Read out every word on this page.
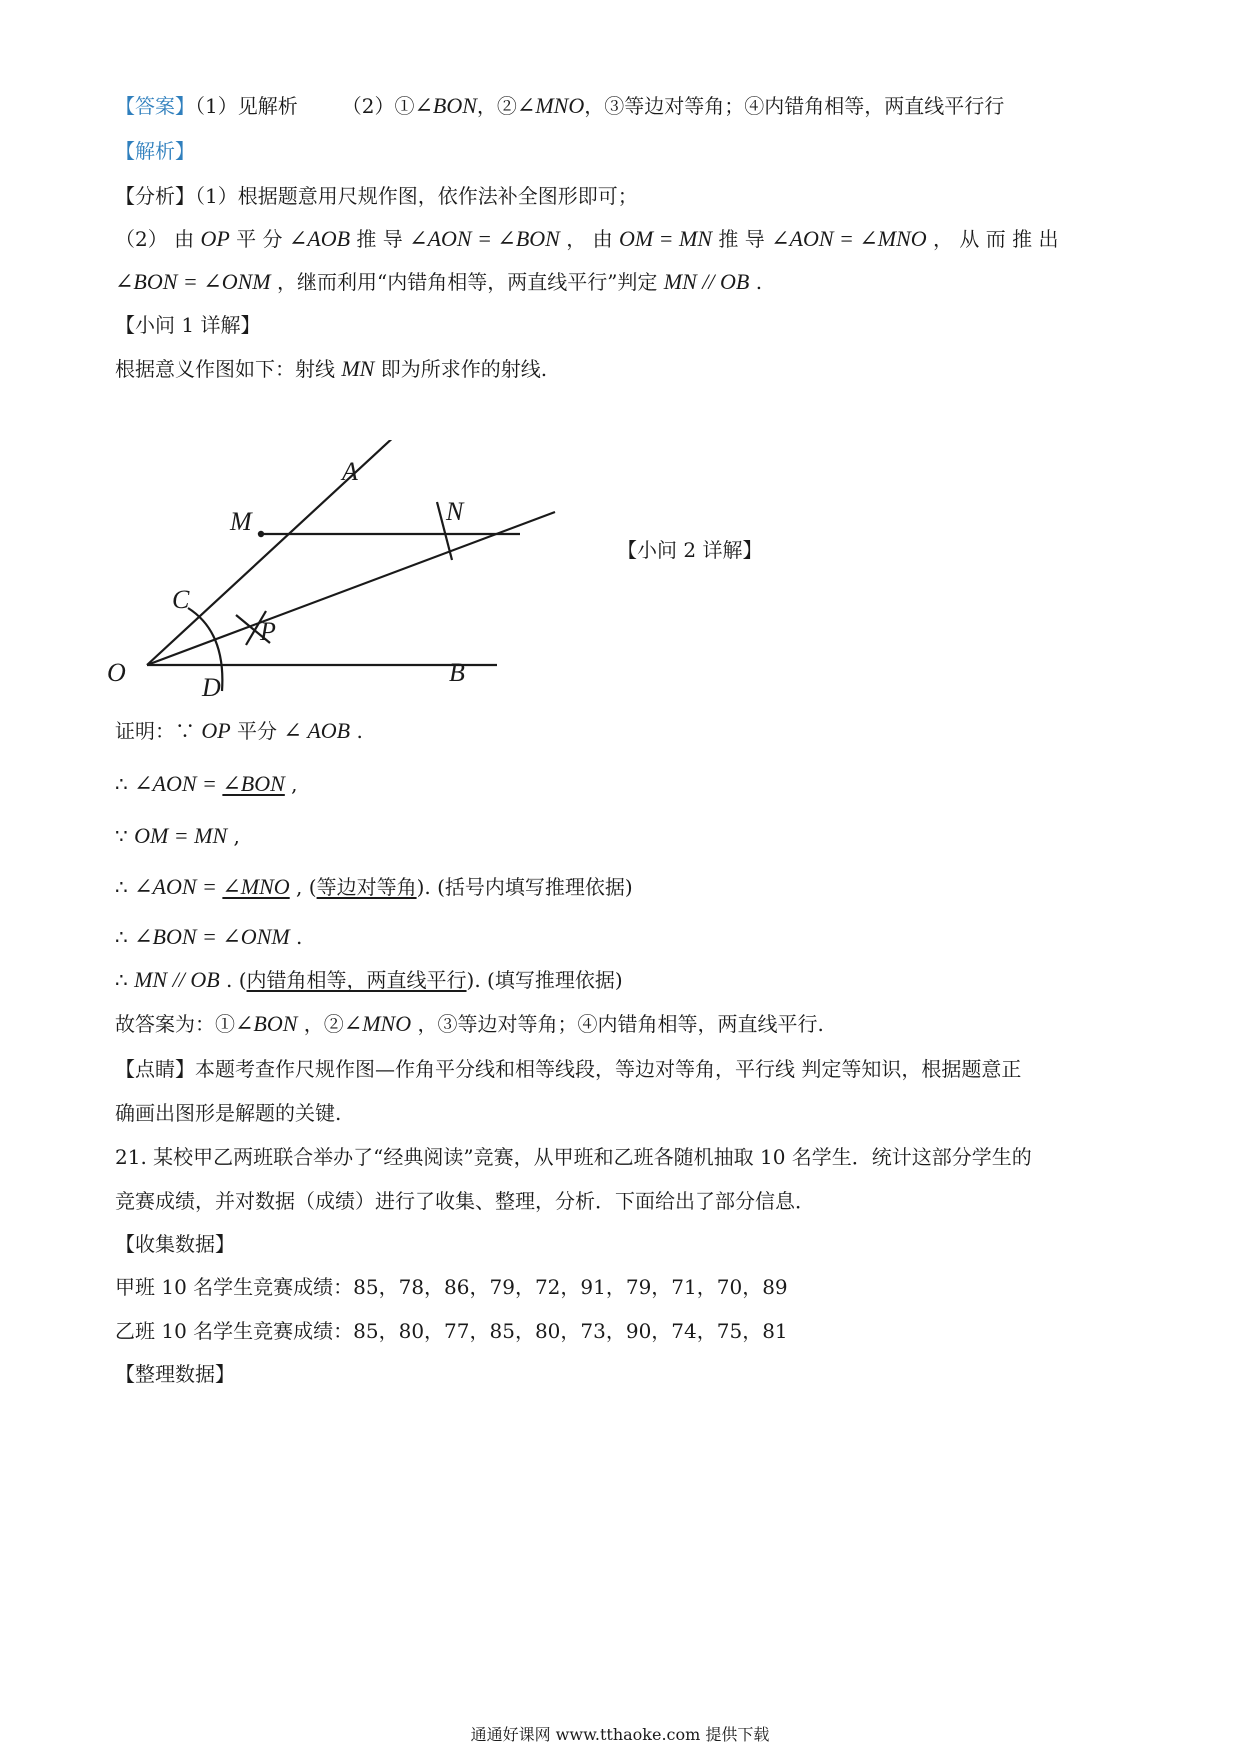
【答案】（1）见解析 （2）①∠BON，②∠MNO，③等边对等角；④内错角相等，两直线平行行
【解析】
【分析】（1）根据题意用尺规作图，依作法补全图形即可；
（2） 由 OP 平 分 ∠AOB 推 导 ∠AON = ∠BON ， 由 OM = MN 推 导 ∠AON = ∠MNO ， 从 而 推 出
∠BON = ∠ONM ，继而利用“内错角相等，两直线平行”判定 MN // OB .
【小问 1 详解】
根据意义作图如下：射线 MN 即为所求作的射线.
A
M	N
C
P
O
D
B
【小问 2 详解】
证明：∵ OP 平分 ∠ AOB .
∴ ∠AON = ∠BON ,
∵ OM = MN ,
∴ ∠AON = ∠MNO , (等边对等角). (括号内填写推理依据)
∴ ∠BON = ∠ONM .
∴ MN // OB . (内错角相等，两直线平行). (填写推理依据)
故答案为：①∠BON ，②∠MNO ，③等边对等角；④内错角相等，两直线平行.
【点睛】本题考查作尺规作图—作角平分线和相等线段，等边对等角，平行线 判定等知识，根据题意正
确画出图形是解题的关键.
21. 某校甲乙两班联合举办了“经典阅读”竞赛，从甲班和乙班各随机抽取 10 名学生．统计这部分学生的
竞赛成绩，并对数据（成绩）进行了收集、整理，分析．下面给出了部分信息．
【收集数据】
甲班 10 名学生竞赛成绩：85，78，86，79，72，91，79，71，70，89
乙班 10 名学生竞赛成绩：85，80，77，85，80，73，90，74，75，81
【整理数据】
通通好课网 www.tthaoke.com 提供下载
